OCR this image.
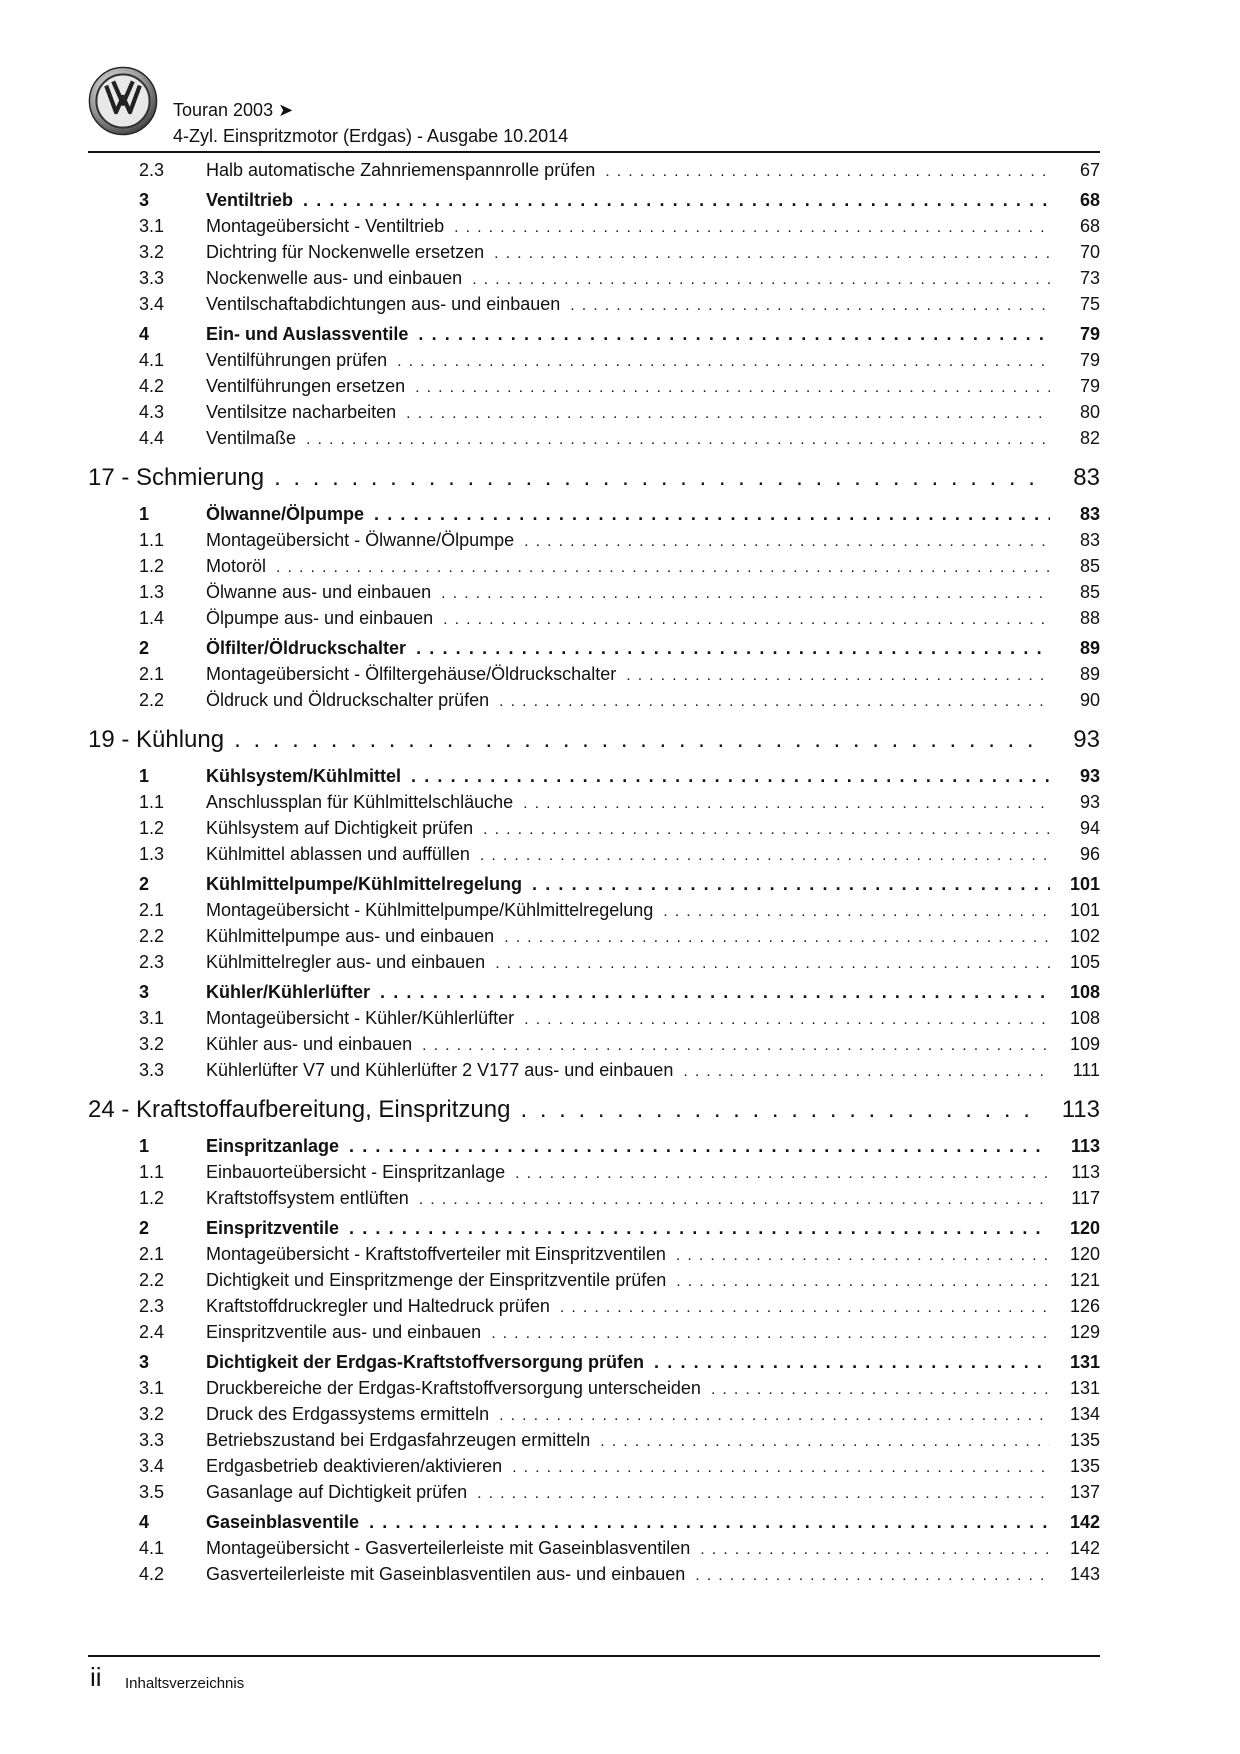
Touran 2003 ➤
4-Zyl. Einspritzmotor (Erdgas) - Ausgabe 10.2014
2.3	Halb automatische Zahnriemenspannrolle prüfen . . .	67
3	Ventiltrieb . . .	68
3.1	Montageübersicht - Ventiltrieb . . .	68
3.2	Dichtring für Nockenwelle ersetzen . . .	70
3.3	Nockenwelle aus- und einbauen . . .	73
3.4	Ventilschaftabdichtungen aus- und einbauen . . .	75
4	Ein- und Auslassventile . . .	79
4.1	Ventilführungen prüfen . . .	79
4.2	Ventilführungen ersetzen . . .	79
4.3	Ventilsitze nacharbeiten . . .	80
4.4	Ventilmaße . . .	82
17 - Schmierung . . .	83
1	Ölwanne/Ölpumpe . . .	83
1.1	Montageübersicht - Ölwanne/Ölpumpe . . .	83
1.2	Motoröl . . .	85
1.3	Ölwanne aus- und einbauen . . .	85
1.4	Ölpumpe aus- und einbauen . . .	88
2	Ölfilter/Öldruckschalter . . .	89
2.1	Montageübersicht - Ölfiltergehäuse/Öldruckschalter . . .	89
2.2	Öldruck und Öldruckschalter prüfen . . .	90
19 - Kühlung . . .	93
1	Kühlsystem/Kühlmittel . . .	93
1.1	Anschlussplan für Kühlmittelschläuche . . .	93
1.2	Kühlsystem auf Dichtigkeit prüfen . . .	94
1.3	Kühlmittel ablassen und auffüllen . . .	96
2	Kühlmittelpumpe/Kühlmittelregelung . . .	101
2.1	Montageübersicht - Kühlmittelpumpe/Kühlmittelregelung . . .	101
2.2	Kühlmittelpumpe aus- und einbauen . . .	102
2.3	Kühlmittelregler aus- und einbauen . . .	105
3	Kühler/Kühlerlüfter . . .	108
3.1	Montageübersicht - Kühler/Kühlerlüfter . . .	108
3.2	Kühler aus- und einbauen . . .	109
3.3	Kühlerlüfter V7 und Kühlerlüfter 2 V177 aus- und einbauen . . .	111
24 - Kraftstoffaufbereitung, Einspritzung . . .	113
1	Einspritzanlage . . .	113
1.1	Einbauorteübersicht - Einspritzanlage . . .	113
1.2	Kraftstoffsystem entlüften . . .	117
2	Einspritzventile . . .	120
2.1	Montageübersicht - Kraftstoffverteiler mit Einspritzventilen . . .	120
2.2	Dichtigkeit und Einspritzmenge der Einspritzventile prüfen . . .	121
2.3	Kraftstoffdruckregler und Haltedruck prüfen . . .	126
2.4	Einspritzventile aus- und einbauen . . .	129
3	Dichtigkeit der Erdgas-Kraftstoffversorgung prüfen . . .	131
3.1	Druckbereiche der Erdgas-Kraftstoffversorgung unterscheiden . . .	131
3.2	Druck des Erdgassystems ermitteln . . .	134
3.3	Betriebszustand bei Erdgasfahrzeugen ermitteln . . .	135
3.4	Erdgasbetrieb deaktivieren/aktivieren . . .	135
3.5	Gasanlage auf Dichtigkeit prüfen . . .	137
4	Gaseinblasventile . . .	142
4.1	Montageübersicht - Gasverteilerleiste mit Gaseinblasventilen . . .	142
4.2	Gasverteilerleiste mit Gaseinblasventilen aus- und einbauen . . .	143
ii Inhaltsverzeichnis
